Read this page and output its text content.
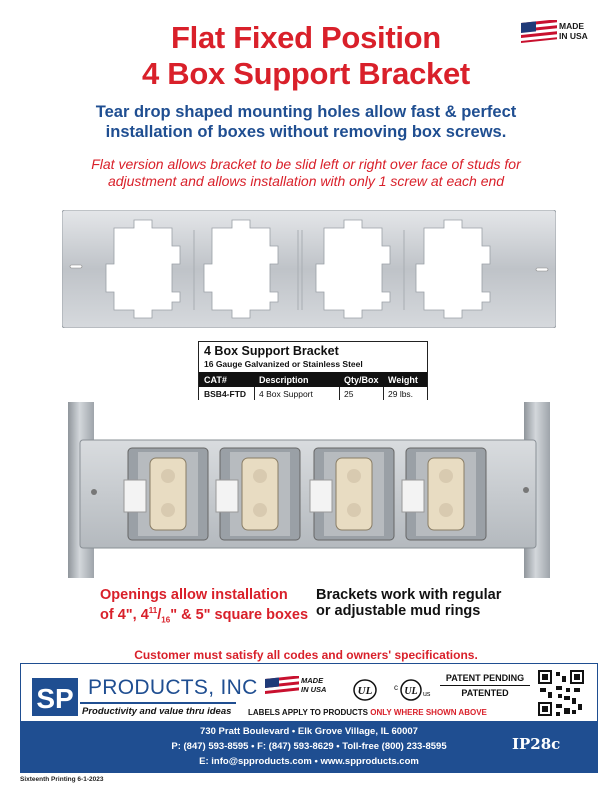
Flat Fixed Position
4 Box Support Bracket
MADE
IN USA
Tear drop shaped mounting holes allow fast & perfect
installation of boxes without removing box screws.
Flat version allows bracket to be slid left or right over face of studs for
adjustment and allows installation with only 1 screw at each end
4 Box Support Bracket
16 Gauge Galvanized or Stainless Steel
CAT#	Description	Qty/Box	Weight
BSB4-FTD	4 Box Support	25	29 lbs.
Openings allow installation
of 4", $4^{11}/_{16}$" & 5" square boxes
Brackets work with regular
or adjustable mud rings
Customer must satisfy all codes and owners' specifications.
SP PRODUCTS, INC
Productivity and value thru ideas
MADE
IN USA	UL	c UL us
PATENT PENDING
PATENTED
LABELS APPLY TO PRODUCTS ONLY WHERE SHOWN ABOVE
730 Pratt Boulevard • Elk Grove Village, IL 60007
P: (847) 593-8595 • F: (847) 593-8629 • Toll-free (800) 233-8595
E: info@spproducts.com • www.spproducts.com
IP28c
Sixteenth Printing 6-1-2023
